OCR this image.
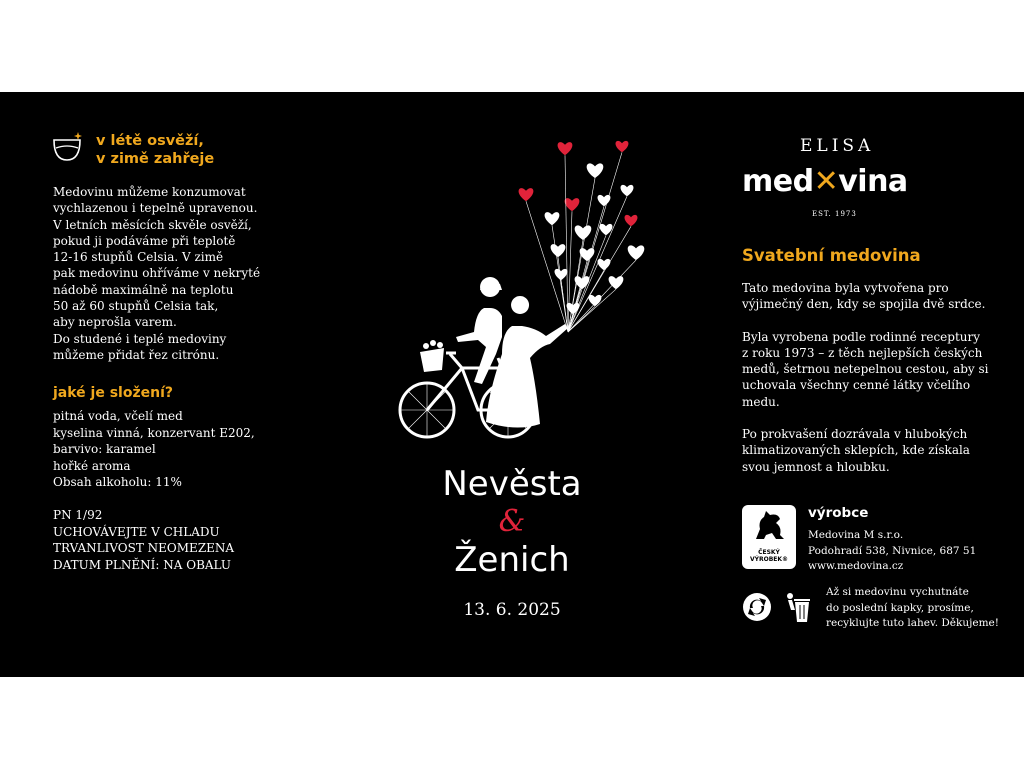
v létě osvěží,
v zimě zahřeje
Medovinu můžeme konzumovat
vychlazenou i tepelně upravenou.
V letních měsících skvěle osvěží,
pokud ji podáváme při teplotě
12-16 stupňů Celsia. V zimě
pak medovinu ohříváme v nekryté
nádobě maximálně na teplotu
50 až 60 stupňů Celsia tak,
aby neprošla varem.
Do studené i teplé medoviny
můžeme přidat řez citrónu.
jaké je složení?
pitná voda, včelí med
kyselina vinná, konzervant E202,
barvivo: karamel
hořké aroma
Obsah alkoholu: 11%
PN 1/92
UCHOVÁVEJTE V CHLADU
TRVANLIVOST NEOMEZENA
DATUM PLNĚNÍ: NA OBALU
Nevěsta
&
Ženich
13. 6. 2025
ELISA
med✕vina
EST. 1973
Svatební medovina

Tato medovina byla vytvořena pro
výjimečný den, kdy se spojila dvě srdce.

Byla vyrobena podle rodinné receptury
z roku 1973 – z těch nejlepších českých
medů, šetrnou netepelnou cestou, aby si
uchovala všechny cenné látky včelího
medu.

Po prokvašení dozrávala v hlubokých
klimatizovaných sklepích, kde získala
svou jemnost a hloubku.

ČESKÝ
VÝROBEK®
výrobce
Medovina M s.r.o.
Podohradí 538, Nivnice, 687 51
www.medovina.cz
Až si medovinu vychutnáte
do poslední kapky, prosíme,
recyklujte tuto lahev. Děkujeme!
